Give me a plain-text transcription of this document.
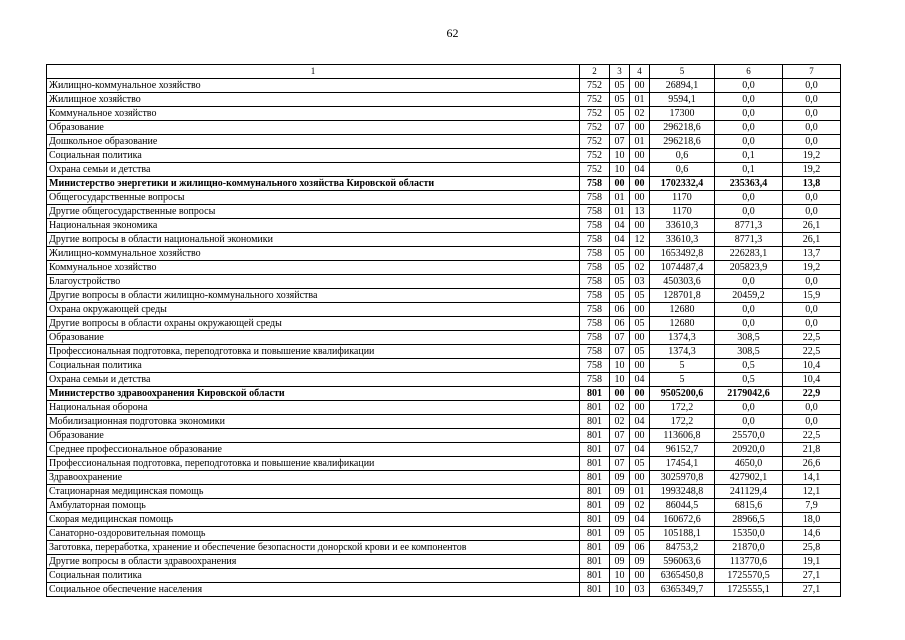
62
1	2	3	4	5	6	7
Жилищно-коммунальное хозяйство	752	05	00	26894,1	0,0	0,0
Жилищное хозяйство	752	05	01	9594,1	0,0	0,0
Коммунальное хозяйство	752	05	02	17300	0,0	0,0
Образование	752	07	00	296218,6	0,0	0,0
Дошкольное образование	752	07	01	296218,6	0,0	0,0
Социальная политика	752	10	00	0,6	0,1	19,2
Охрана семьи и детства	752	10	04	0,6	0,1	19,2
Министерство энергетики и жилищно-коммунального хозяйства Кировской области	758	00	00	1702332,4	235363,4	13,8
Общегосударственные вопросы	758	01	00	1170	0,0	0,0
Другие общегосударственные вопросы	758	01	13	1170	0,0	0,0
Национальная экономика	758	04	00	33610,3	8771,3	26,1
Другие вопросы в области национальной экономики	758	04	12	33610,3	8771,3	26,1
Жилищно-коммунальное хозяйство	758	05	00	1653492,8	226283,1	13,7
Коммунальное хозяйство	758	05	02	1074487,4	205823,9	19,2
Благоустройство	758	05	03	450303,6	0,0	0,0
Другие вопросы в области жилищно-коммунального хозяйства	758	05	05	128701,8	20459,2	15,9
Охрана окружающей среды	758	06	00	12680	0,0	0,0
Другие вопросы в области охраны окружающей среды	758	06	05	12680	0,0	0,0
Образование	758	07	00	1374,3	308,5	22,5
Профессиональная подготовка, переподготовка и повышение квалификации	758	07	05	1374,3	308,5	22,5
Социальная политика	758	10	00	5	0,5	10,4
Охрана семьи и детства	758	10	04	5	0,5	10,4
Министерство здравоохранения Кировской области	801	00	00	9505200,6	2179042,6	22,9
Национальная оборона	801	02	00	172,2	0,0	0,0
Мобилизационная подготовка экономики	801	02	04	172,2	0,0	0,0
Образование	801	07	00	113606,8	25570,0	22,5
Среднее профессиональное образование	801	07	04	96152,7	20920,0	21,8
Профессиональная подготовка, переподготовка и повышение квалификации	801	07	05	17454,1	4650,0	26,6
Здравоохранение	801	09	00	3025970,8	427902,1	14,1
Стационарная медицинская помощь	801	09	01	1993248,8	241129,4	12,1
Амбулаторная помощь	801	09	02	86044,5	6815,6	7,9
Скорая медицинская помощь	801	09	04	160672,6	28966,5	18,0
Санаторно-оздоровительная помощь	801	09	05	105188,1	15350,0	14,6
Заготовка, переработка, хранение и обеспечение безопасности донорской крови и ее компонентов	801	09	06	84753,2	21870,0	25,8
Другие вопросы в области здравоохранения	801	09	09	596063,6	113770,6	19,1
Социальная политика	801	10	00	6365450,8	1725570,5	27,1
Социальное обеспечение населения	801	10	03	6365349,7	1725555,1	27,1
